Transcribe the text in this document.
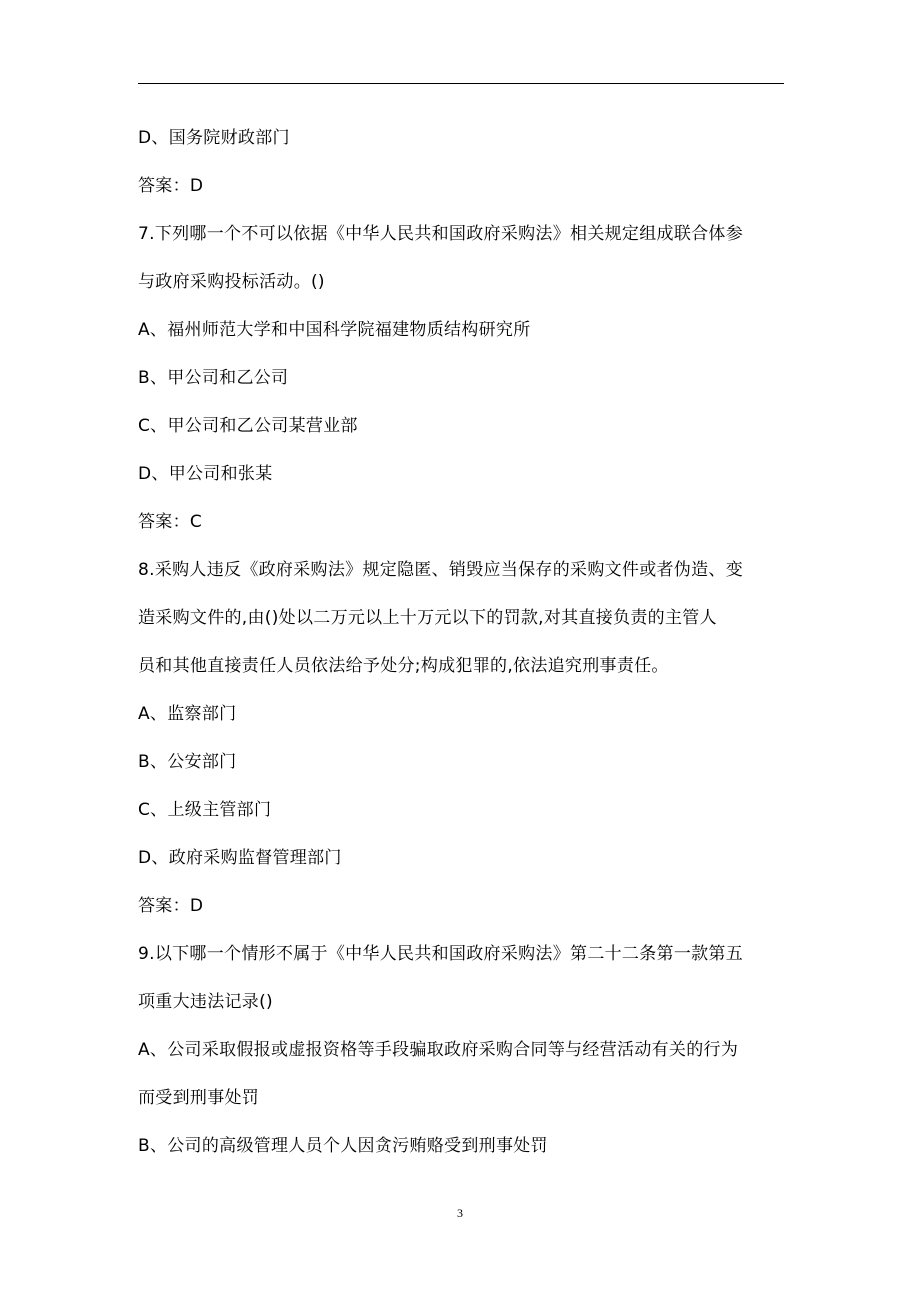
D、国务院财政部门

答案：D

7.下列哪一个不可以依据《中华人民共和国政府采购法》相关规定组成联合体参

与政府采购投标活动。()

A、福州师范大学和中国科学院福建物质结构研究所

B、甲公司和乙公司

C、甲公司和乙公司某营业部

D、甲公司和张某

答案：C

8.采购人违反《政府采购法》规定隐匿、销毁应当保存的采购文件或者伪造、变

造采购文件的,由()处以二万元以上十万元以下的罚款,对其直接负责的主管人

员和其他直接责任人员依法给予处分;构成犯罪的,依法追究刑事责任。

A、监察部门

B、公安部门

C、上级主管部门

D、政府采购监督管理部门

答案：D

9.以下哪一个情形不属于《中华人民共和国政府采购法》第二十二条第一款第五

项重大违法记录()

A、公司采取假报或虚报资格等手段骗取政府采购合同等与经营活动有关的行为

而受到刑事处罚

B、公司的高级管理人员个人因贪污贿赂受到刑事处罚

3
